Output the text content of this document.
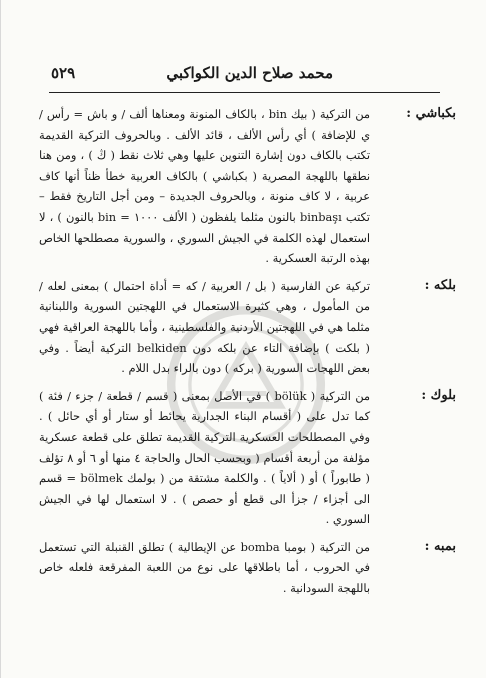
محمد صلاح الدين الكواكبي
٥٢٩
بكباشي :

من التركية ( بيك bin ، بالكاف المنونة ومعناها ألف / و باش = رأس / ي للإضافة ) أي رأس الألف ، قائد الألف . وبالحروف التركية القديمة تكتب بالكاف دون إشارة التنوين عليها وهي ثلاث نقط ( ڭ ) ، ومن هنا نطقها باللهجة المصرية ( بكباشي ) بالكاف العربية خطأ ظناً أنها كاف عربية ، لا كاف منونة ، وبالحروف الجديدة – ومن أجل التاريخ فقط – تكتب binbaşı بالنون مثلما يلفظون ( الألف ١٠٠٠ = bin بالنون ) ، لا استعمال لهذه الكلمة في الجيش السوري ، والسورية مصطلحها الخاص بهذه الرتبة العسكرية .

بلكه :

تركية عن الفارسية ( بل / العربية / كه = أداة احتمال ) بمعنى لعله / من المأمول ، وهي كثيرة الاستعمال في اللهجتين السورية واللبنانية مثلما هي في اللهجتين الأردنية والفلسطينية ، وأما باللهجة العراقية فهي ( بلكت ) بإضافة التاء عن بلكه دون belkiden التركية أيضاً . وفي بعض اللهجات السورية ( بركه ) دون بالراء بدل اللام .

بلوك :

من التركية ( bölük ) في الأصل بمعنى ( قسم / قطعة / جزء / فئة ) كما تدل على ( أقسام البناء الجدارية يحائط أو ستار أو أي حائل ) . وفي المصطلحات العسكرية التركية القديمة تطلق على قطعة عسكرية مؤلفة من أربعة أقسام ( وبحسب الحال والحاجة ٤ منها أو ٦ أو ٨ تؤلف ( طابوراً ) أو ( ألاياً ) . والكلمة مشتقة من ( بولمك bölmek = قسم الى أجزاء / جزأ الى قطع أو حصص ) . لا استعمال لها في الجيش السوري .

بمبه :

من التركية ( بومبا bomba عن الإيطالية ) تطلق القنبلة التي تستعمل في الحروب ، أما باطلاقها على نوع من اللعبة المفرقعة فلعله خاص باللهجة السودانية .
